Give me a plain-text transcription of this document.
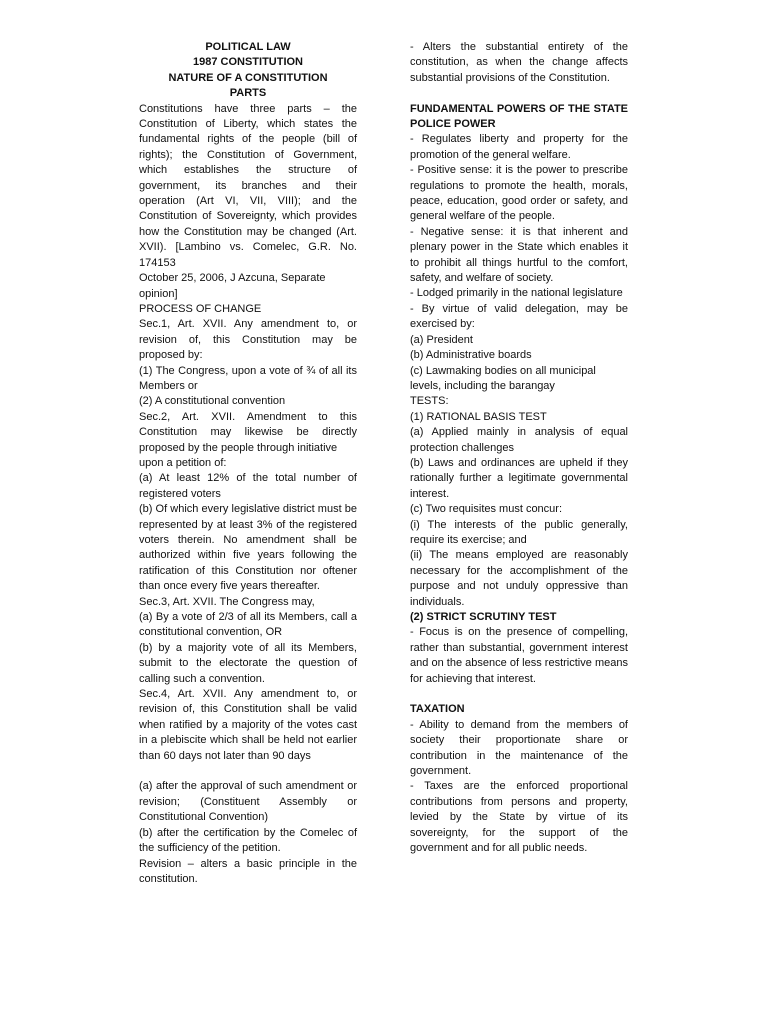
POLITICAL LAW

1987 CONSTITUTION

NATURE OF A CONSTITUTION

PARTS

Constitutions have three parts – the Constitution of Liberty, which states the fundamental rights of the people (bill of rights); the Constitution of Government, which establishes the structure of government, its branches and their operation (Art VI, VII, VIII); and the Constitution of Sovereignty, which provides how the Constitution may be changed (Art. XVII). [Lambino vs. Comelec, G.R. No. 174153

October 25, 2006, J Azcuna, Separate opinion]

PROCESS OF CHANGE

Sec.1, Art. XVII. Any amendment to, or revision of, this Constitution may be proposed by:

(1) The Congress, upon a vote of ¾ of all its Members or

(2) A constitutional convention

Sec.2, Art. XVII. Amendment to this Constitution may likewise be directly proposed by the people through initiative

upon a petition of:

(a) At least 12% of the total number of registered voters

(b) Of which every legislative district must be represented by at least 3% of the registered voters therein. No amendment shall be authorized within five years following the ratification of this Constitution nor oftener than once every five years thereafter.

Sec.3, Art. XVII. The Congress may,

(a) By a vote of 2/3 of all its Members, call a constitutional convention, OR

(b) by a majority vote of all its Members, submit to the electorate the question of calling such a convention.

Sec.4, Art. XVII. Any amendment to, or revision of, this Constitution shall be valid when ratified by a majority of the votes cast in a plebiscite which shall be held not earlier than 60 days not later than 90 days

(a) after the approval of such amendment or revision; (Constituent Assembly or Constitutional Convention)

(b) after the certification by the Comelec of the sufficiency of the petition.

Revision – alters a basic principle in the constitution.

- Alters the substantial entirety of the constitution, as when the change affects substantial provisions of the Constitution.

FUNDAMENTAL POWERS OF THE STATE POLICE POWER

- Regulates liberty and property for the promotion of the general welfare.

- Positive sense: it is the power to prescribe regulations to promote the health, morals, peace, education, good order or safety, and general welfare of the people.

- Negative sense: it is that inherent and plenary power in the State which enables it to prohibit all things hurtful to the comfort, safety, and welfare of society.

- Lodged primarily in the national legislature

- By virtue of valid delegation, may be exercised by:

(a) President

(b) Administrative boards

(c) Lawmaking bodies on all municipal levels, including the barangay

TESTS:

(1) RATIONAL BASIS TEST

(a) Applied mainly in analysis of equal protection challenges

(b) Laws and ordinances are upheld if they rationally further a legitimate governmental interest.

(c) Two requisites must concur:

(i) The interests of the public generally, require its exercise; and

(ii) The means employed are reasonably necessary for the accomplishment of the purpose and not unduly oppressive than individuals.

(2) STRICT SCRUTINY TEST

- Focus is on the presence of compelling, rather than substantial, government interest and on the absence of less restrictive means for achieving that interest.

TAXATION

- Ability to demand from the members of society their proportionate share or contribution in the maintenance of the government.

- Taxes are the enforced proportional contributions from persons and property, levied by the State by virtue of its sovereignty, for the support of the government and for all public needs.
